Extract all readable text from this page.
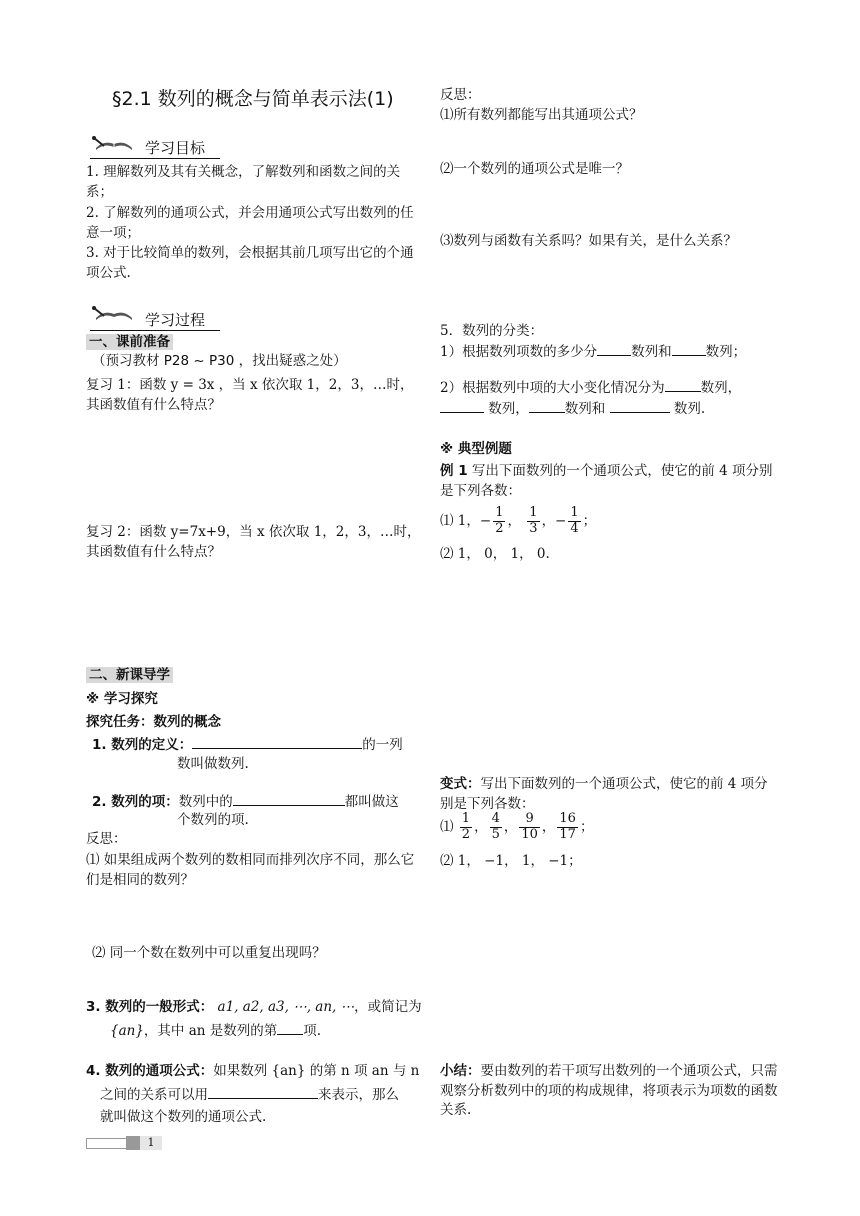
§2.1 数列的概念与简单表示法(1)
学习目标
1. 理解数列及其有关概念，了解数列和函数之间的关系；
2. 了解数列的通项公式，并会用通项公式写出数列的任意一项；
3. 对于比较简单的数列，会根据其前几项写出它的个通项公式.
学习过程
一、课前准备
（预习教材 P28 ~ P30 ，找出疑惑之处）
复习 1：函数 y = 3x ，当 x 依次取 1，2，3，…时，其函数值有什么特点？
复习 2：函数 y=7x+9，当 x 依次取 1，2，3，…时，其函数值有什么特点？
二、新课导学
※ 学习探究
探究任务：数列的概念
1. 数列的定义：	的一列
数叫做数列.
2. 数列的项：数列中的	都叫做这
个数列的项.
反思：
⑴ 如果组成两个数列的数相同而排列次序不同，那么它们是相同的数列？
⑵ 同一个数在数列中可以重复出现吗？
3. 数列的一般形式： a1, a2, a3, ⋯, an, ⋯，或简记为
{an}，其中 an 是数列的第 项.
4. 数列的通项公式：如果数列 {an} 的第 n 项 an 与 n
之间的关系可以用	来表示，那么
就叫做这个数列的通项公式.
1
反思：
⑴所有数列都能写出其通项公式？
⑵一个数列的通项公式是唯一？
⑶数列与函数有关系吗？如果有关，是什么关系？
5．数列的分类：
1）根据数列项数的多少分	数列和	数列；
2）根据数列中项的大小变化情况分为	数列，
数列，	数列和	数列.
※ 典型例题
例 1 写出下面数列的一个通项公式，使它的前 4 项分别是下列各数：
⑴ 1，− $\frac{1}{2}$ ， $\frac{1}{3}$ ，− $\frac{1}{4}$ ；
⑵ 1， 0， 1， 0.
变式：写出下面数列的一个通项公式，使它的前 4 项分别是下列各数：
⑴ $\frac{1}{2}$ ， $\frac{4}{5}$ ， $\frac{9}{10}$ ， $\frac{16}{17}$ ；
⑵ 1， −1， 1， −1；
小结：要由数列的若干项写出数列的一个通项公式，只需观察分析数列中的项的构成规律，将项表示为项数的函数关系.
